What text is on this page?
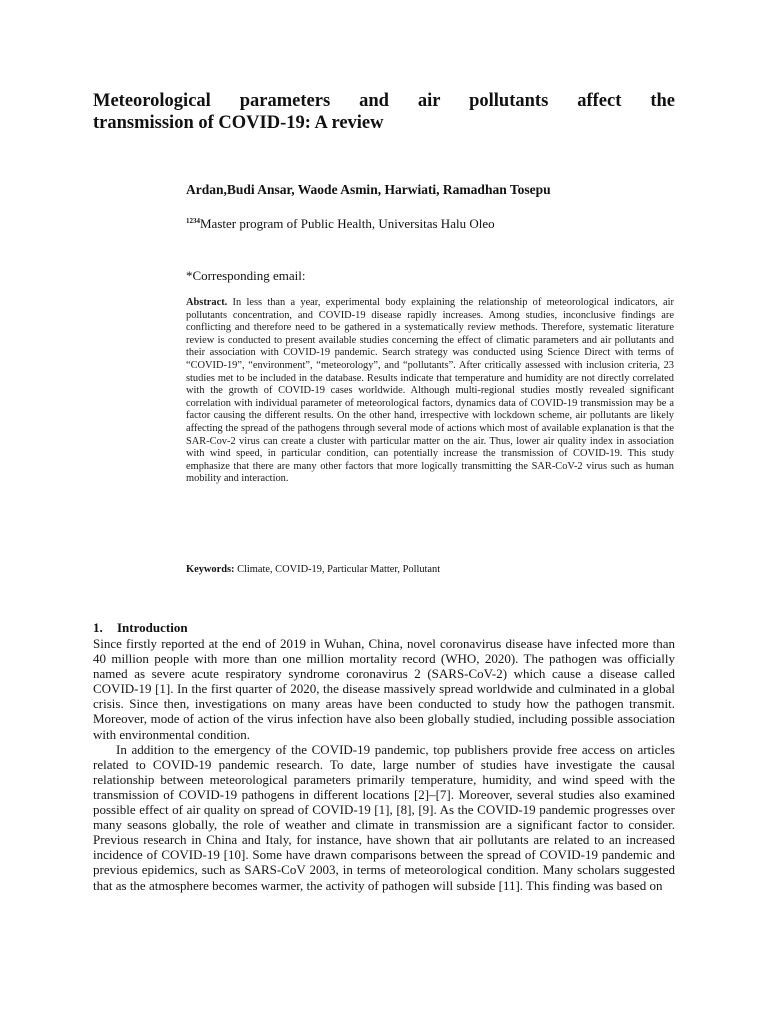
Meteorological parameters and air pollutants affect the
transmission of COVID-19: A review
Ardan,Budi Ansar, Waode Asmin, Harwiati, Ramadhan Tosepu
$^{1234}$Master program of Public Health, Universitas Halu Oleo
*Corresponding email:
Abstract. In less than a year, experimental body explaining the relationship of meteorological indicators, air pollutants concentration, and COVID-19 disease rapidly increases. Among studies, inconclusive findings are conflicting and therefore need to be gathered in a systematically review methods. Therefore, systematic literature review is conducted to present available studies concerning the effect of climatic parameters and air pollutants and their association with COVID-19 pandemic. Search strategy was conducted using Science Direct with terms of “COVID-19”, “environment”, “meteorology”, and “pollutants”. After critically assessed with inclusion criteria, 23 studies met to be included in the database. Results indicate that temperature and humidity are not directly correlated with the growth of COVID-19 cases worldwide. Although multi-regional studies mostly revealed significant correlation with individual parameter of meteorological factors, dynamics data of COVID-19 transmission may be a factor causing the different results. On the other hand, irrespective with lockdown scheme, air pollutants are likely affecting the spread of the pathogens through several mode of actions which most of available explanation is that the SAR-Cov-2 virus can create a cluster with particular matter on the air. Thus, lower air quality index in association with wind speed, in particular condition, can potentially increase the transmission of COVID-19. This study emphasize that there are many other factors that more logically transmitting the SAR-CoV-2 virus such as human mobility and interaction.
Keywords: Climate, COVID-19, Particular Matter, Pollutant
1. Introduction

Since firstly reported at the end of 2019 in Wuhan, China, novel coronavirus disease have infected more than 40 million people with more than one million mortality record (WHO, 2020). The pathogen was officially named as severe acute respiratory syndrome coronavirus 2 (SARS-CoV-2) which cause a disease called COVID-19 [1]. In the first quarter of 2020, the disease massively spread worldwide and culminated in a global crisis. Since then, investigations on many areas have been conducted to study how the pathogen transmit. Moreover, mode of action of the virus infection have also been globally studied, including possible association with environmental condition.

In addition to the emergency of the COVID-19 pandemic, top publishers provide free access on articles related to COVID-19 pandemic research. To date, large number of studies have investigate the causal relationship between meteorological parameters primarily temperature, humidity, and wind speed with the transmission of COVID-19 pathogens in different locations [2]–[7]. Moreover, several studies also examined possible effect of air quality on spread of COVID-19 [1], [8], [9]. As the COVID-19 pandemic progresses over many seasons globally, the role of weather and climate in transmission are a significant factor to consider. Previous research in China and Italy, for instance, have shown that air pollutants are related to an increased incidence of COVID-19 [10]. Some have drawn comparisons between the spread of COVID-19 pandemic and previous epidemics, such as SARS-CoV 2003, in terms of meteorological condition. Many scholars suggested that as the atmosphere becomes warmer, the activity of pathogen will subside [11]. This finding was based on
